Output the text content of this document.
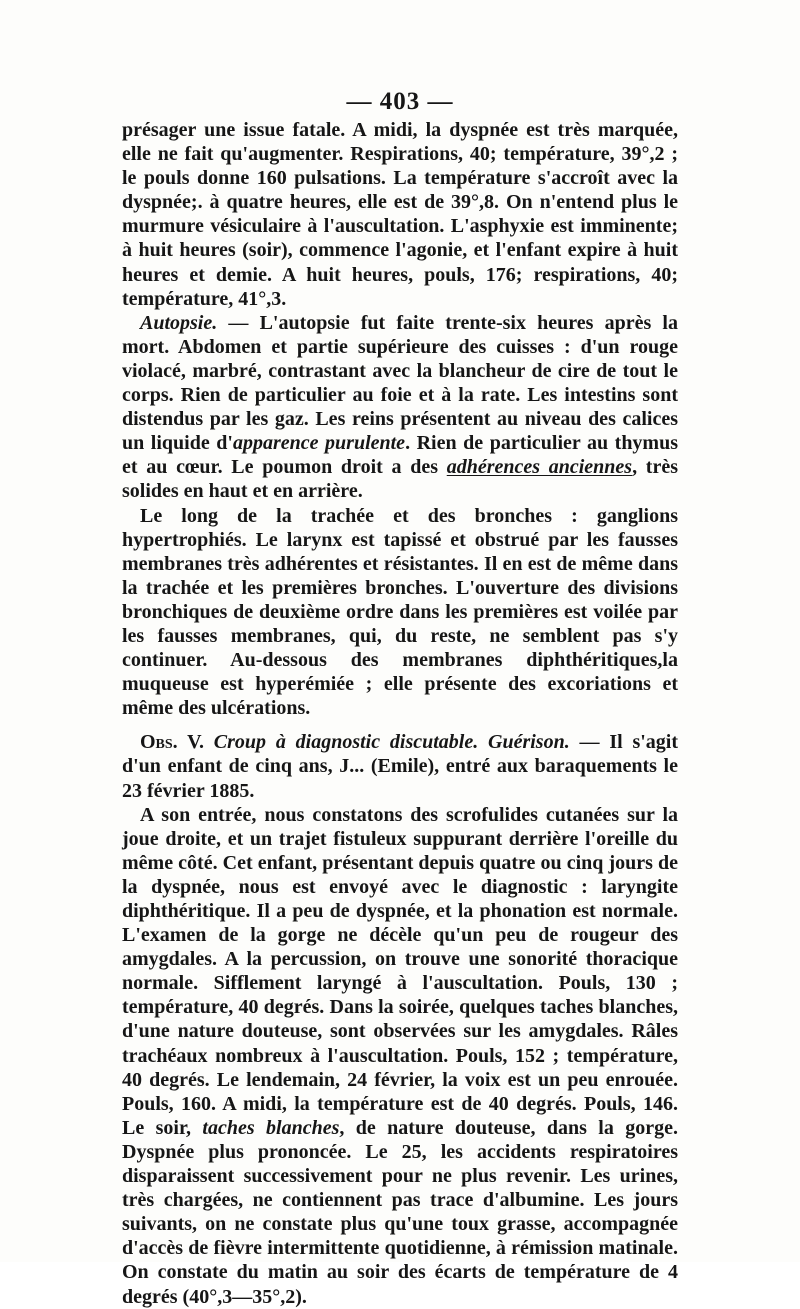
— 403 —

présager une issue fatale. A midi, la dyspnée est très marquée, elle ne fait qu'augmenter. Respirations, 40; température, 39°,2 ; le pouls donne 160 pulsations. La température s'accroît avec la dyspnée;. à quatre heures, elle est de 39°,8. On n'entend plus le murmure vésiculaire à l'auscultation. L'asphyxie est imminente; à huit heures (soir), commence l'agonie, et l'enfant expire à huit heures et demie. A huit heures, pouls, 176; respirations, 40; température, 41°,3.

Autopsie. — L'autopsie fut faite trente-six heures après la mort. Abdomen et partie supérieure des cuisses : d'un rouge violacé, marbré, contrastant avec la blancheur de cire de tout le corps. Rien de particulier au foie et à la rate. Les intestins sont distendus par les gaz. Les reins présentent au niveau des calices un liquide d'apparence purulente. Rien de particulier au thymus et au cœur. Le poumon droit a des adhérences anciennes, très solides en haut et en arrière.

Le long de la trachée et des bronches : ganglions hypertrophiés. Le larynx est tapissé et obstrué par les fausses membranes très adhérentes et résistantes. Il en est de même dans la trachée et les premières bronches. L'ouverture des divisions bronchiques de deuxième ordre dans les premières est voilée par les fausses membranes, qui, du reste, ne semblent pas s'y continuer. Au-dessous des membranes diphthéritiques,la muqueuse est hyperémiée ; elle présente des excoriations et même des ulcérations.

Obs. V. Croup à diagnostic discutable. Guérison. — Il s'agit d'un enfant de cinq ans, J... (Emile), entré aux baraquements le 23 février 1885.

A son entrée, nous constatons des scrofulides cutanées sur la joue droite, et un trajet fistuleux suppurant derrière l'oreille du même côté. Cet enfant, présentant depuis quatre ou cinq jours de la dyspnée, nous est envoyé avec le diagnostic : laryngite diphthéritique. Il a peu de dyspnée, et la phonation est normale. L'examen de la gorge ne décèle qu'un peu de rougeur des amygdales. A la percussion, on trouve une sonorité thoracique normale. Sifflement laryngé à l'auscultation. Pouls, 130 ; température, 40 degrés. Dans la soirée, quelques taches blanches, d'une nature douteuse, sont observées sur les amygdales. Râles trachéaux nombreux à l'auscultation. Pouls, 152 ; température, 40 degrés. Le lendemain, 24 février, la voix est un peu enrouée. Pouls, 160. A midi, la température est de 40 degrés. Pouls, 146. Le soir, taches blanches, de nature douteuse, dans la gorge. Dyspnée plus prononcée. Le 25, les accidents respiratoires disparaissent successivement pour ne plus revenir. Les urines, très chargées, ne contiennent pas trace d'albumine. Les jours suivants, on ne constate plus qu'une toux grasse, accompagnée d'accès de fièvre intermittente quotidienne, à rémission matinale. On constate du matin au soir des écarts de température de 4 degrés (40°,3—35°,2).
